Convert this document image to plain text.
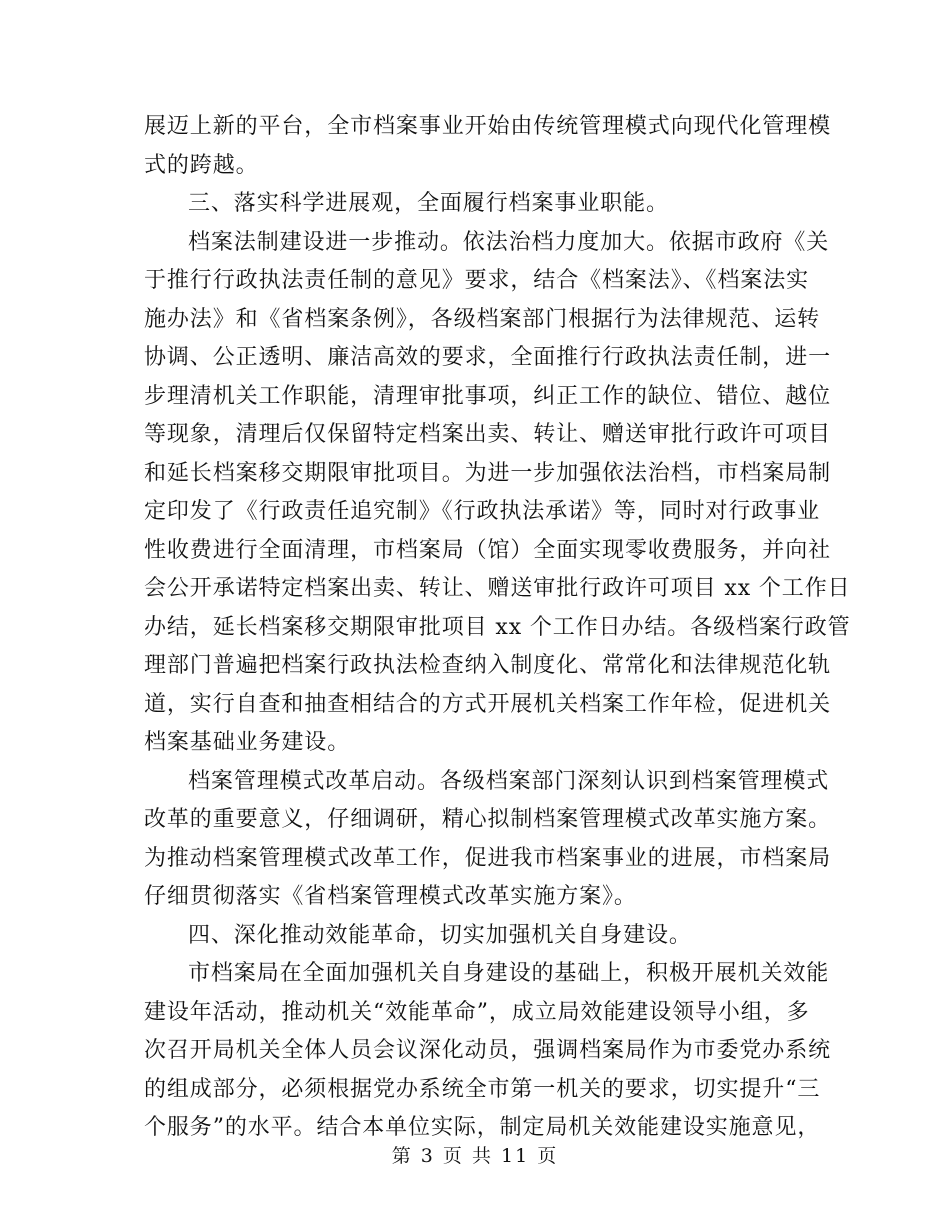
展迈上新的平台，全市档案事业开始由传统管理模式向现代化管理模
式的跨越。
三、落实科学进展观，全面履行档案事业职能。
档案法制建设进一步推动。依法治档力度加大。依据市政府《关
于推行行政执法责任制的意见》要求，结合《档案法》、《档案法实
施办法》和《省档案条例》，各级档案部门根据行为法律规范、运转
协调、公正透明、廉洁高效的要求，全面推行行政执法责任制，进一
步理清机关工作职能，清理审批事项，纠正工作的缺位、错位、越位
等现象，清理后仅保留特定档案出卖、转让、赠送审批行政许可项目
和延长档案移交期限审批项目。为进一步加强依法治档，市档案局制
定印发了《行政责任追究制》《行政执法承诺》等，同时对行政事业
性收费进行全面清理，市档案局（馆）全面实现零收费服务，并向社
会公开承诺特定档案出卖、转让、赠送审批行政许可项目 xx 个工作日
办结，延长档案移交期限审批项目 xx 个工作日办结。各级档案行政管
理部门普遍把档案行政执法检查纳入制度化、常常化和法律规范化轨
道，实行自查和抽查相结合的方式开展机关档案工作年检，促进机关
档案基础业务建设。
档案管理模式改革启动。各级档案部门深刻认识到档案管理模式
改革的重要意义，仔细调研，精心拟制档案管理模式改革实施方案。
为推动档案管理模式改革工作，促进我市档案事业的进展，市档案局
仔细贯彻落实《省档案管理模式改革实施方案》。
四、深化推动效能革命，切实加强机关自身建设。
市档案局在全面加强机关自身建设的基础上，积极开展机关效能
建设年活动，推动机关“效能革命”，成立局效能建设领导小组，多
次召开局机关全体人员会议深化动员，强调档案局作为市委党办系统
的组成部分，必须根据党办系统全市第一机关的要求，切实提升“三
个服务”的水平。结合本单位实际，制定局机关效能建设实施意见，
第 3 页 共 11 页
